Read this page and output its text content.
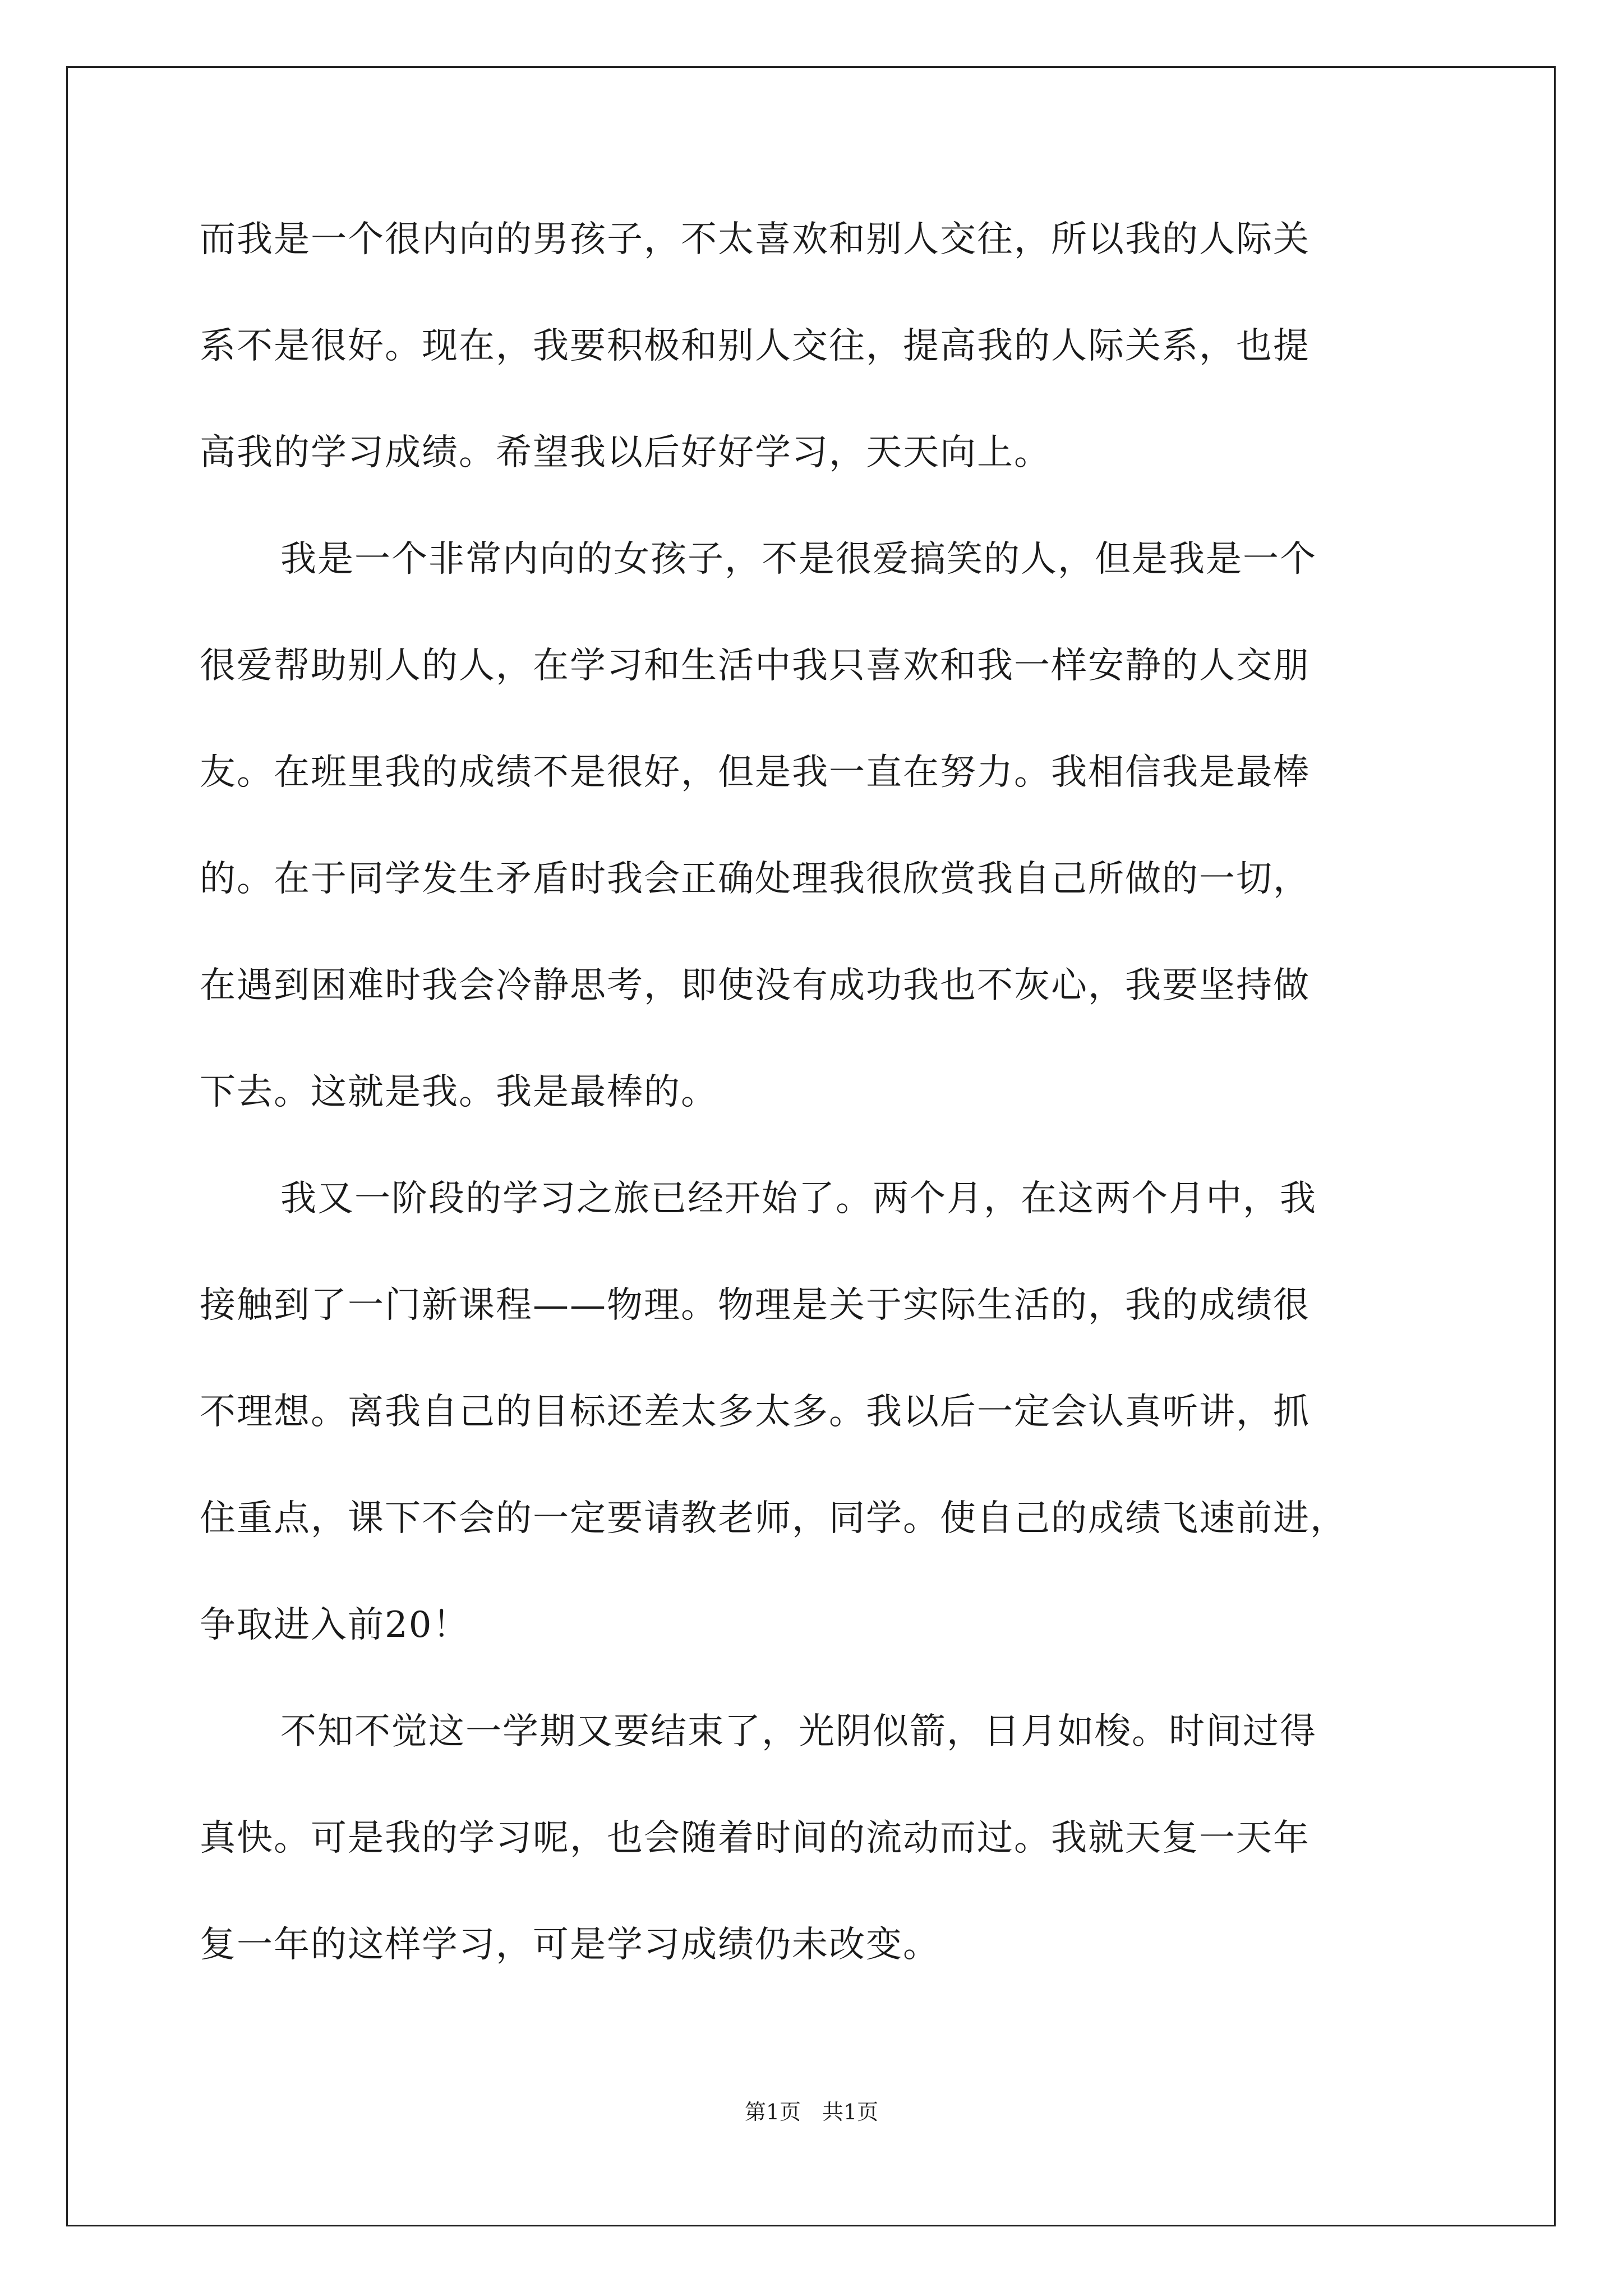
而我是一个很内向的男孩子，不太喜欢和别人交往，所以我的人际关
系不是很好。现在，我要积极和别人交往，提高我的人际关系，也提
高我的学习成绩。希望我以后好好学习，天天向上。
我是一个非常内向的女孩子，不是很爱搞笑的人，但是我是一个
很爱帮助别人的人，在学习和生活中我只喜欢和我一样安静的人交朋
友。在班里我的成绩不是很好，但是我一直在努力。我相信我是最棒
的。在于同学发生矛盾时我会正确处理我很欣赏我自己所做的一切，
在遇到困难时我会冷静思考，即使没有成功我也不灰心，我要坚持做
下去。这就是我。我是最棒的。
我又一阶段的学习之旅已经开始了。两个月，在这两个月中，我
接触到了一门新课程——物理。物理是关于实际生活的，我的成绩很
不理想。离我自己的目标还差太多太多。我以后一定会认真听讲，抓
住重点，课下不会的一定要请教老师，同学。使自己的成绩飞速前进，
争取进入前20！
不知不觉这一学期又要结束了，光阴似箭，日月如梭。时间过得
真快。可是我的学习呢，也会随着时间的流动而过。我就天复一天年
复一年的这样学习，可是学习成绩仍未改变。
第1页　共1页
